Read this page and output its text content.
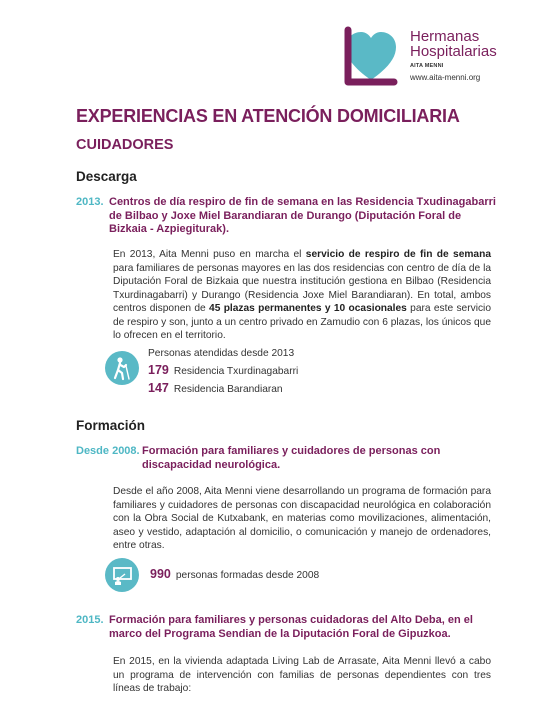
Hermanas
Hospitalarias
AITA MENNI
www.aita-menni.org
EXPERIENCIAS EN ATENCIÓN DOMICILIARIA
CUIDADORES
Descarga
2013. Centros de día respiro de fin de semana en las Residencia Txudinagabarri de Bilbao y Joxe Miel Barandiaran de Durango (Diputación Foral de Bizkaia - Azpiegiturak).
En 2013, Aita Menni puso en marcha el servicio de respiro de fin de semana para familiares de personas mayores en las dos residencias con centro de día de la Diputación Foral de Bizkaia que nuestra institución gestiona en Bilbao (Residencia Txurdinagabarri) y Durango (Residencia Joxe Miel Barandiaran). En total, ambos centros disponen de 45 plazas permanentes y 10 ocasionales para este servicio de respiro y son, junto a un centro privado en Zamudio con 6 plazas, los únicos que lo ofrecen en el territorio.
Personas atendidas desde 2013
179 Residencia Txurdinagabarri
147 Residencia Barandiaran
Formación
Desde 2008. Formación para familiares y cuidadores de personas con discapacidad neurológica.
Desde el año 2008, Aita Menni viene desarrollando un programa de formación para familiares y cuidadores de personas con discapacidad neurológica en colaboración con la Obra Social de Kutxabank, en materias como movilizaciones, alimentación, aseo y vestido, adaptación al domicilio, o comunicación y manejo de ordenadores, entre otras.
990 personas formadas desde 2008
2015. Formación para familiares y personas cuidadoras del Alto Deba, en el marco del Programa Sendian de la Diputación Foral de Gipuzkoa.
En 2015, en la vivienda adaptada Living Lab de Arrasate, Aita Menni llevó a cabo un programa de intervención con familias de personas dependientes con tres líneas de trabajo:
